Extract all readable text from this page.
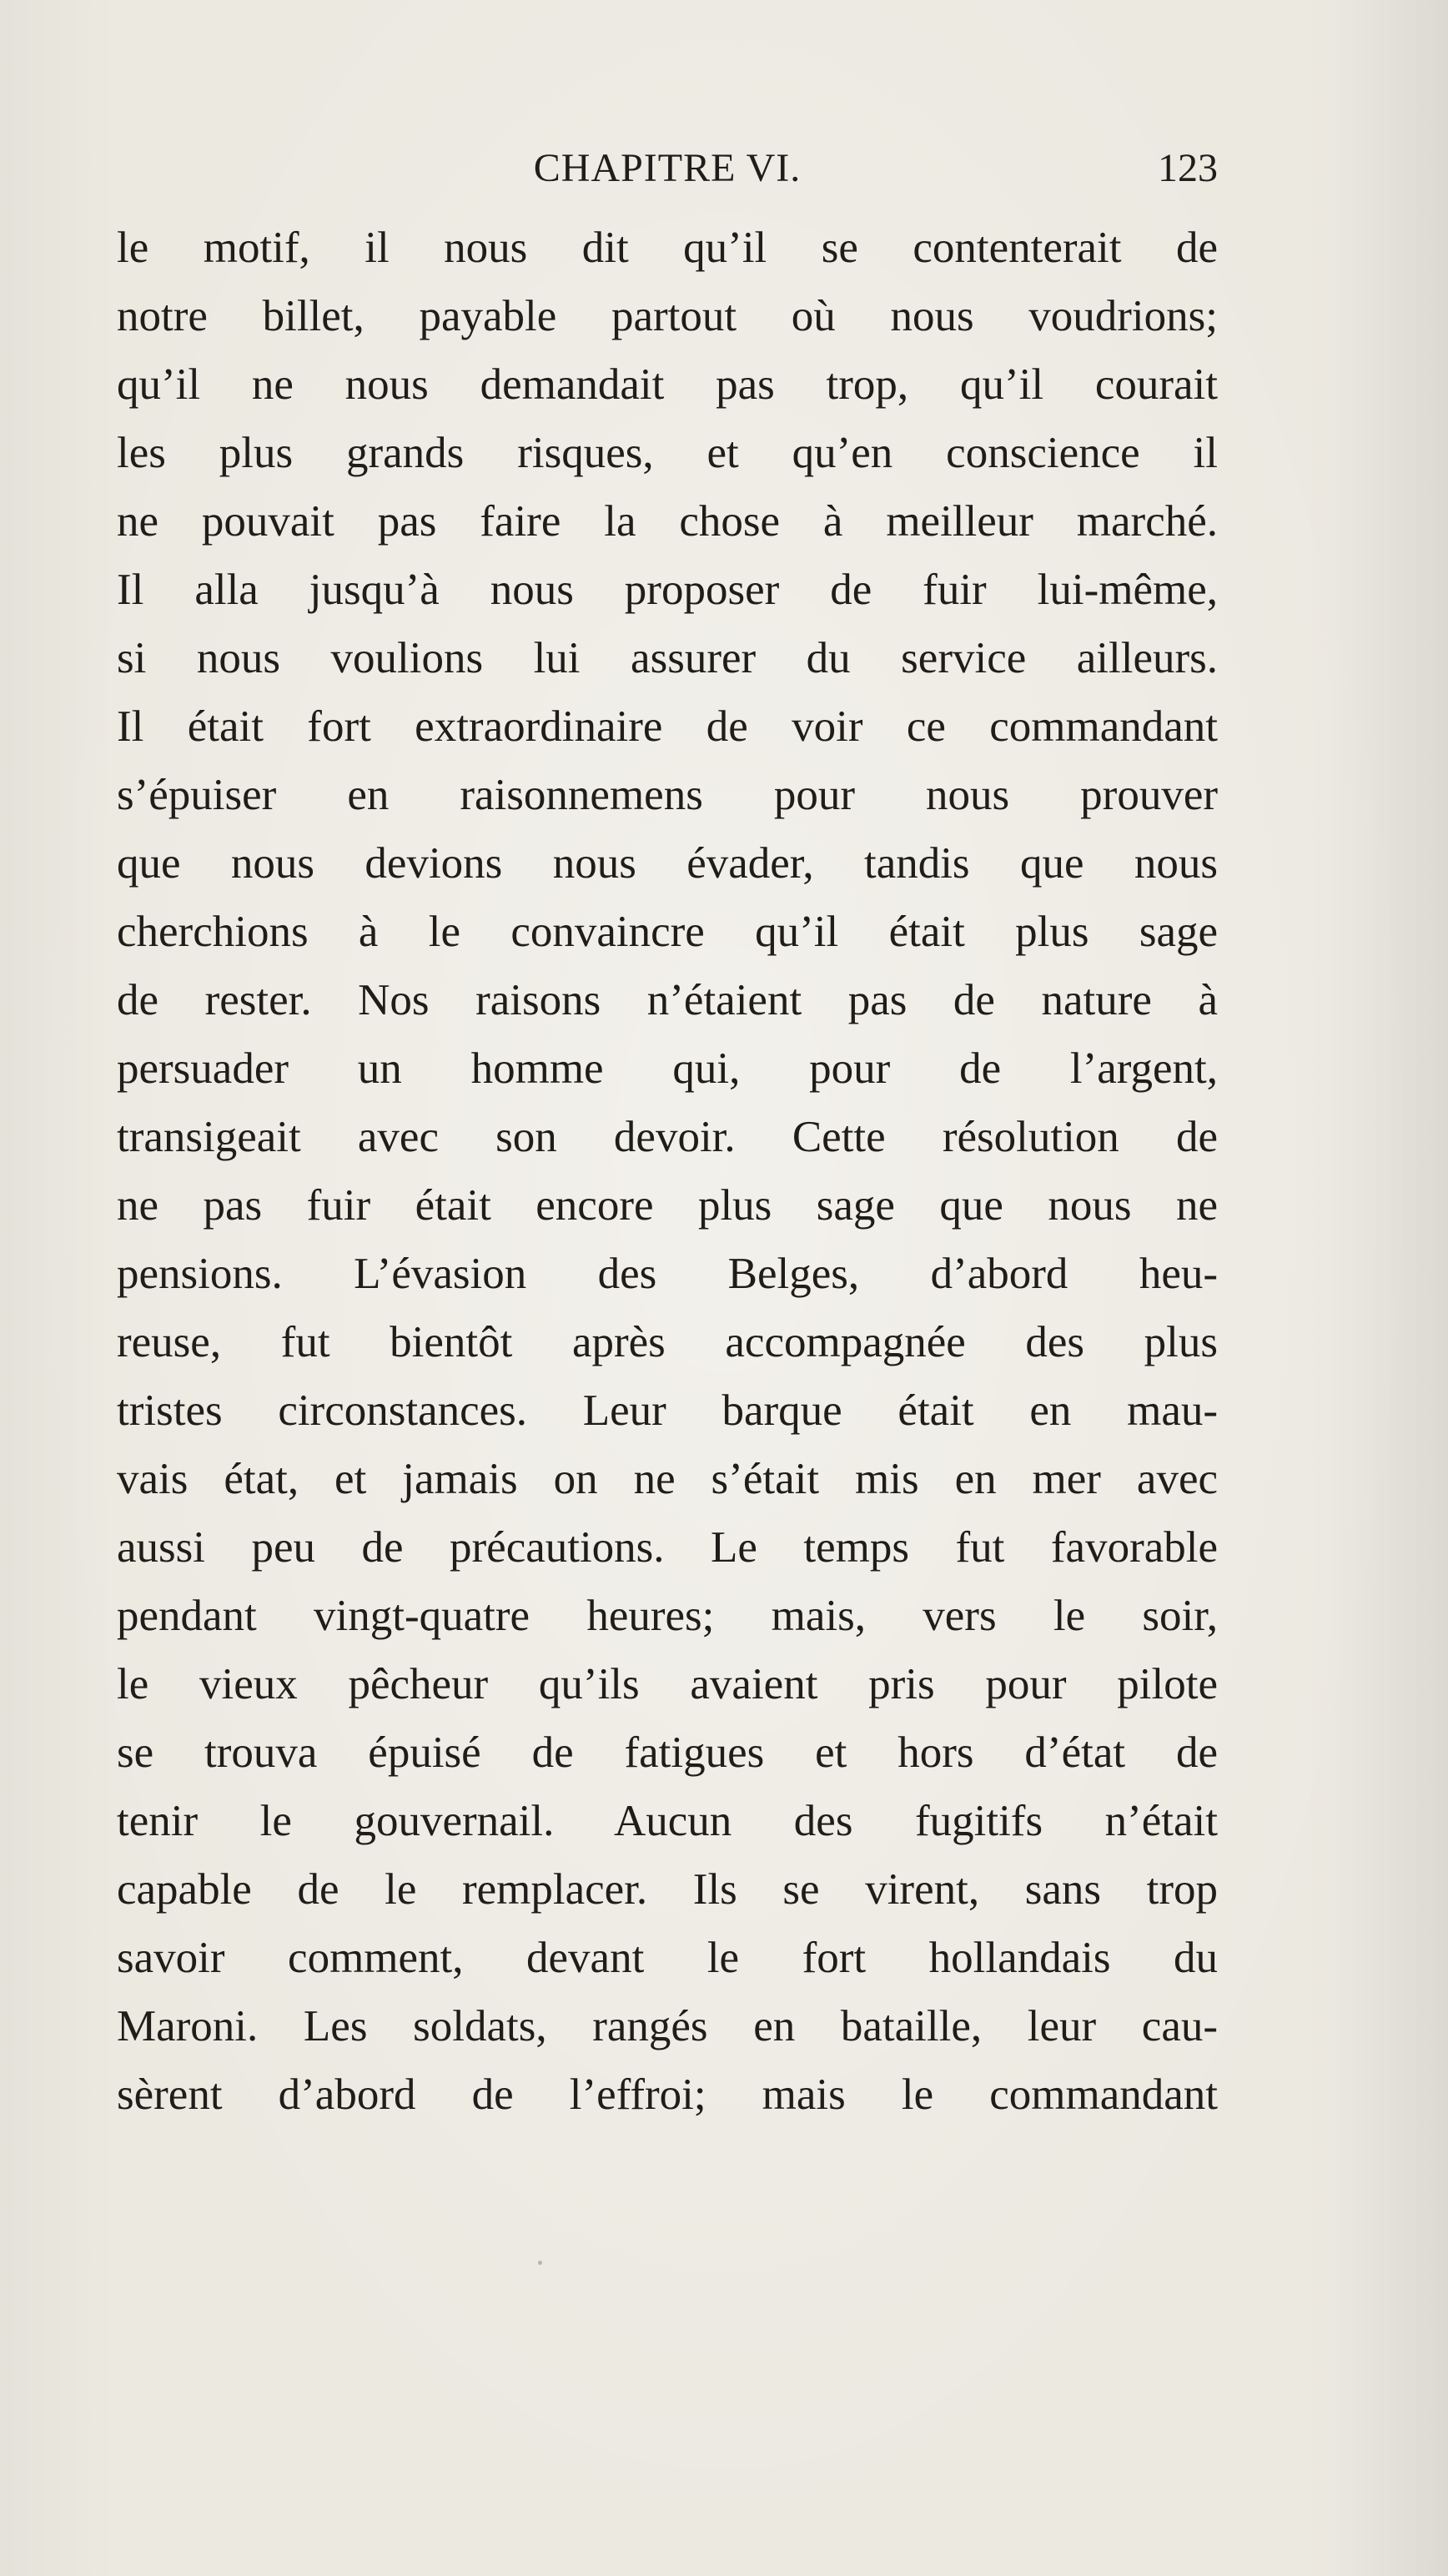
CHAPITRE VI.	123
le motif, il nous dit qu’il se contenterait de
notre billet, payable partout où nous voudrions;
qu’il ne nous demandait pas trop, qu’il courait
les plus grands risques, et qu’en conscience il
ne pouvait pas faire la chose à meilleur marché.
Il alla jusqu’à nous proposer de fuir lui-même,
si nous voulions lui assurer du service ailleurs.
Il était fort extraordinaire de voir ce commandant
s’épuiser en raisonnemens pour nous prouver
que nous devions nous évader, tandis que nous
cherchions à le convaincre qu’il était plus sage
de rester. Nos raisons n’étaient pas de nature à
persuader un homme qui, pour de l’argent,
transigeait avec son devoir. Cette résolution de
ne pas fuir était encore plus sage que nous ne
pensions. L’évasion des Belges, d’abord heu-
reuse, fut bientôt après accompagnée des plus
tristes circonstances. Leur barque était en mau-
vais état, et jamais on ne s’était mis en mer avec
aussi peu de précautions. Le temps fut favorable
pendant vingt-quatre heures; mais, vers le soir,
le vieux pêcheur qu’ils avaient pris pour pilote
se trouva épuisé de fatigues et hors d’état de
tenir le gouvernail. Aucun des fugitifs n’était
capable de le remplacer. Ils se virent, sans trop
savoir comment, devant le fort hollandais du
Maroni. Les soldats, rangés en bataille, leur cau-
sèrent d’abord de l’effroi; mais le commandant
